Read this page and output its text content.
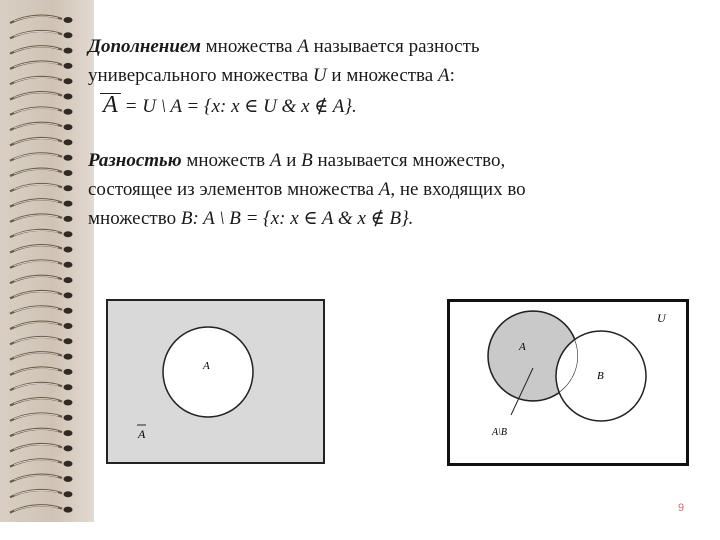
Дополнением множества A называется разность
универсального множества U и множества A:
A = U \ A = {x: x ∈ U & x ∉ A}.
Разностью множеств A и B называется множество,
состоящее из элементов множества A, не входящих во
множество B: A \ B = {x: x ∈ A & x ∉ B}.
A
A
U
A
B
A\B
9
